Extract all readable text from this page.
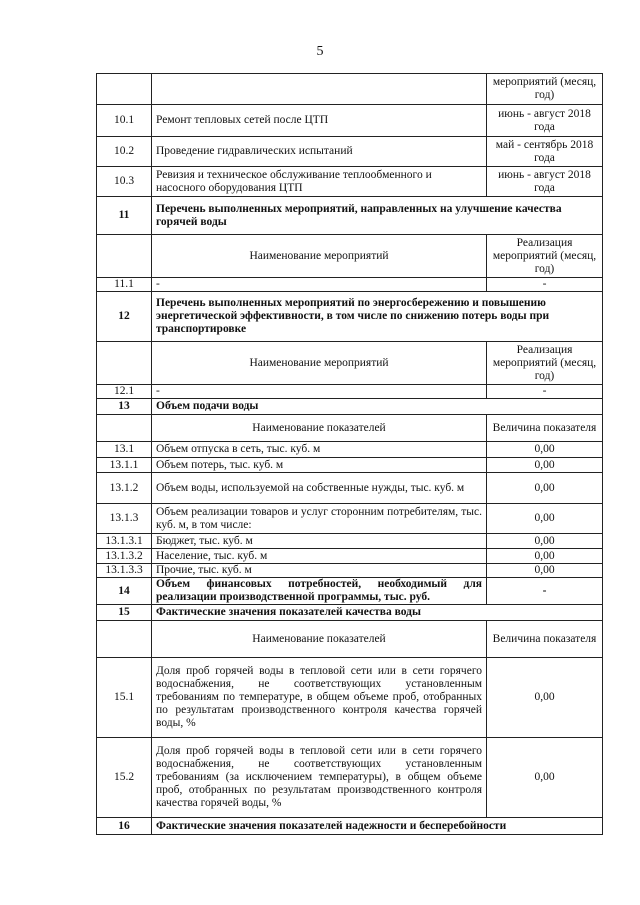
5
		мероприятий (месяц, год)
10.1	Ремонт тепловых сетей после ЦТП	июнь - август 2018 года
10.2	Проведение гидравлических испытаний	май - сентябрь 2018 года
10.3	Ревизия и техническое обслуживание теплообменного и насосного оборудования ЦТП	июнь - август 2018 года
11	Перечень выполненных мероприятий, направленных на улучшение качества горячей воды	
	Наименование мероприятий	Реализация мероприятий (месяц, год)
11.1	-	-
12	Перечень выполненных мероприятий по энергосбережению и повышению энергетической эффективности, в том числе по снижению потерь воды при транспортировке	
	Наименование мероприятий	Реализация мероприятий (месяц, год)
12.1	-	-
13	Объем подачи воды	
	Наименование показателей	Величина показателя
13.1	Объем отпуска в сеть, тыс. куб. м	0,00
13.1.1	Объем потерь, тыс. куб. м	0,00
13.1.2	Объем воды, используемой на собственные нужды, тыс. куб. м	0,00
13.1.3	Объем реализации товаров и услуг сторонним потребителям, тыс. куб. м, в том числе:	0,00
13.1.3.1	Бюджет, тыс. куб. м	0,00
13.1.3.2	Население, тыс. куб. м	0,00
13.1.3.3	Прочие, тыс. куб. м	0,00
14	Объем финансовых потребностей, необходимый для реализации производственной программы, тыс. руб.	-
15	Фактические значения показателей качества воды	
	Наименование показателей	Величина показателя
15.1	Доля проб горячей воды в тепловой сети или в сети горячего водоснабжения, не соответствующих установленным требованиям по температуре, в общем объеме проб, отобранных по результатам производственного контроля качества горячей воды, %	0,00
15.2	Доля проб горячей воды в тепловой сети или в сети горячего водоснабжения, не соответствующих установленным требованиям (за исключением температуры), в общем объеме проб, отобранных по результатам производственного контроля качества горячей воды, %	0,00
16	Фактические значения показателей надежности и бесперебойности	
